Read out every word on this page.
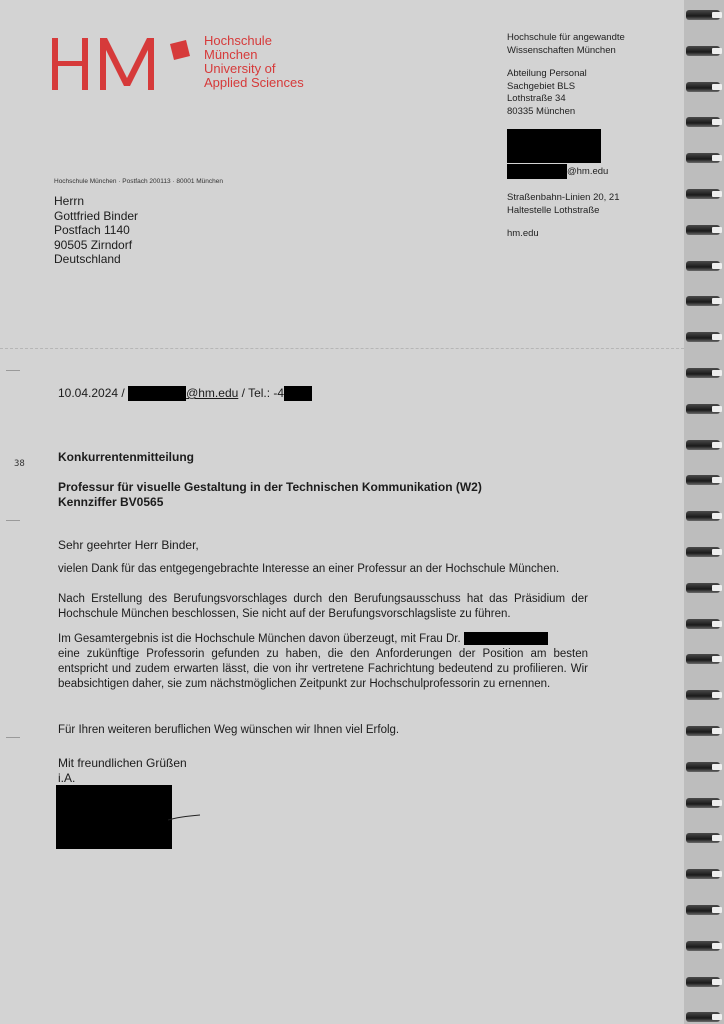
Hochschule
München
University of
Applied Sciences
Hochschule für angewandte
Wissenschaften München
Abteilung Personal
Sachgebiet BLS
Lothstraße 34
80335 München
@hm.edu
Straßenbahn-Linien 20, 21
Haltestelle Lothstraße
hm.edu
Hochschule München · Postfach 200113 · 80001 München
Herrn
Gottfried Binder
Postfach 1140
90505 Zirndorf
Deutschland
10.04.2024 /	@hm.edu / Tel.: -4
38	Konkurrentenmitteilung
Professur für visuelle Gestaltung in der Technischen Kommunikation (W2)
Kennziffer BV0565
Sehr geehrter Herr Binder,

vielen Dank für das entgegengebrachte Interesse an einer Professur an der Hochschule München.

Nach Erstellung des Berufungsvorschlages durch den Berufungsausschuss hat das Präsidium der Hochschule München beschlossen, Sie nicht auf der Berufungsvorschlagsliste zu führen.

Im Gesamtergebnis ist die Hochschule München davon überzeugt, mit Frau Dr.

eine zukünftige Professorin gefunden zu haben, die den Anforderungen der Position am besten entspricht und zudem erwarten lässt, die von ihr vertretene Fachrichtung bedeutend zu profilieren. Wir beabsichtigen daher, sie zum nächstmöglichen Zeitpunkt zur Hochschulprofessorin zu ernennen.

Für Ihren weiteren beruflichen Weg wünschen wir Ihnen viel Erfolg.

Mit freundlichen Grüßen
i.A.
